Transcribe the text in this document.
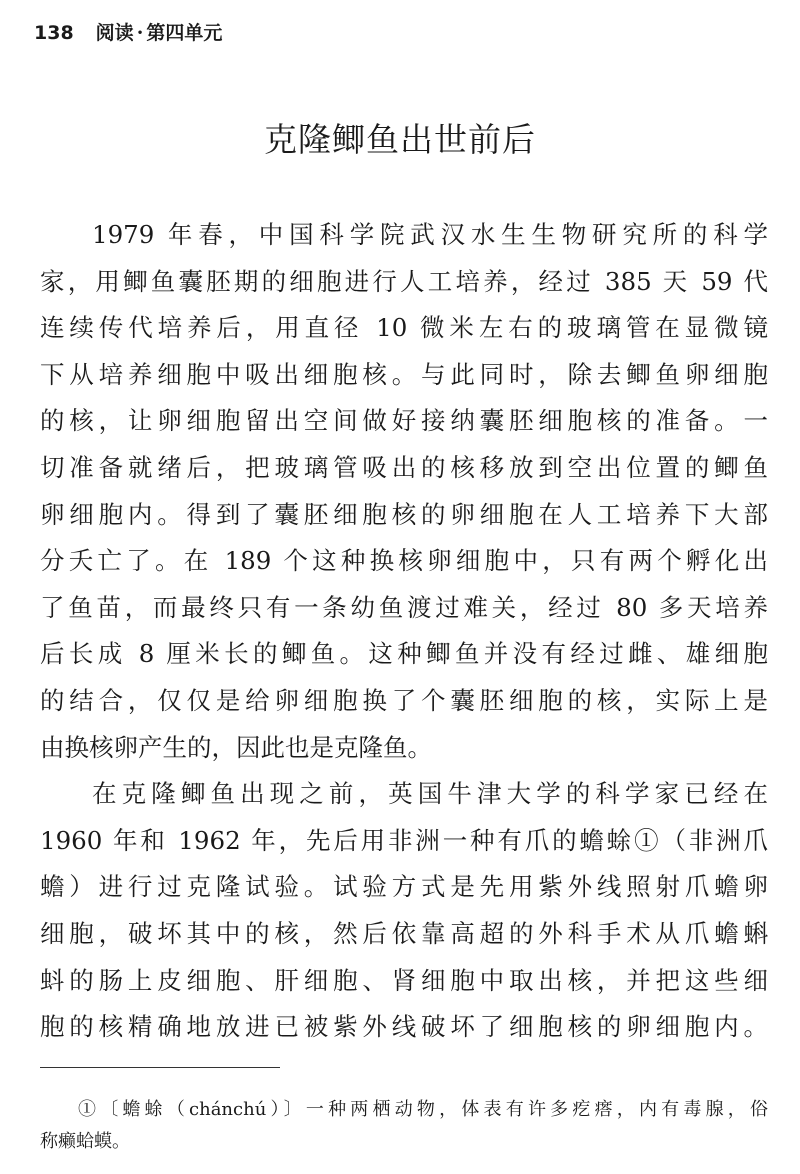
138 阅读 · 第四单元
克隆鲫鱼出世前后
1979 年春，中国科学院武汉水生生物研究所的科学
家，用鲫鱼囊胚期的细胞进行人工培养，经过 385 天 59 代
连续传代培养后，用直径 10 微米左右的玻璃管在显微镜
下从培养细胞中吸出细胞核。与此同时，除去鲫鱼卵细胞
的核，让卵细胞留出空间做好接纳囊胚细胞核的准备。一
切准备就绪后，把玻璃管吸出的核移放到空出位置的鲫鱼
卵细胞内。得到了囊胚细胞核的卵细胞在人工培养下大部
分夭亡了。在 189 个这种换核卵细胞中，只有两个孵化出
了鱼苗，而最终只有一条幼鱼渡过难关，经过 80 多天培养
后长成 8 厘米长的鲫鱼。这种鲫鱼并没有经过雌、雄细胞
的结合，仅仅是给卵细胞换了个囊胚细胞的核，实际上是
由换核卵产生的，因此也是克隆鱼。
在克隆鲫鱼出现之前，英国牛津大学的科学家已经在
1960 年和 1962 年，先后用非洲一种有爪的蟾蜍①（非洲爪
蟾）进行过克隆试验。试验方式是先用紫外线照射爪蟾卵
细胞，破坏其中的核，然后依靠高超的外科手术从爪蟾蝌
蚪的肠上皮细胞、肝细胞、肾细胞中取出核，并把这些细
胞的核精确地放进已被紫外线破坏了细胞核的卵细胞内。
①〔蟾蜍（chánchú）〕一种两栖动物，体表有许多疙瘩，内有毒腺，俗
称癞蛤蟆。
